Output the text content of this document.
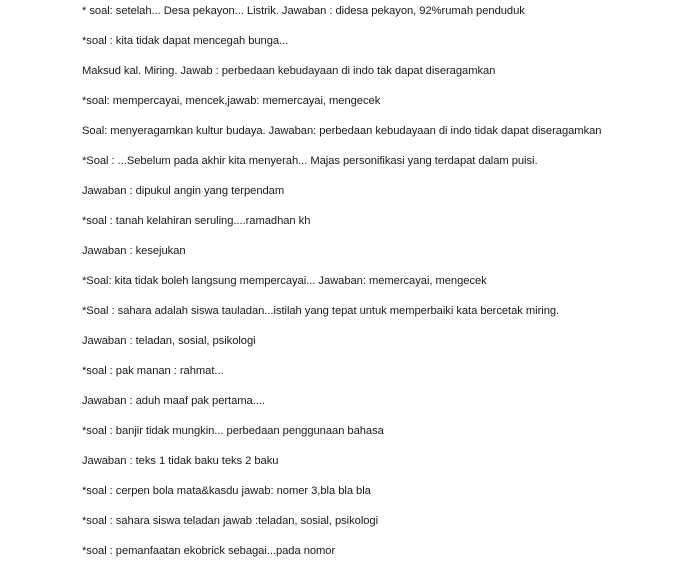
* soal: setelah... Desa pekayon... Listrik. Jawaban : didesa pekayon, 92%rumah penduduk

*soal : kita tidak dapat mencegah bunga...

Maksud kal. Miring. Jawab : perbedaan kebudayaan di indo tak dapat diseragamkan

*soal: mempercayai, mencek,jawab: memercayai, mengecek

Soal: menyeragamkan kultur budaya. Jawaban: perbedaan kebudayaan di indo tidak dapat diseragamkan

*Soal : ...Sebelum pada akhir kita menyerah... Majas personifikasi yang terdapat dalam puisi.

Jawaban : dipukul angin yang terpendam

*soal : tanah kelahiran seruling....ramadhan kh

Jawaban : kesejukan

*Soal: kita tidak boleh langsung mempercayai... Jawaban: memercayai, mengecek

*Soal : sahara adalah siswa tauladan...istilah yang tepat untuk memperbaiki kata bercetak miring.

Jawaban : teladan, sosial, psikologi

*soal : pak manan : rahmat...

Jawaban : aduh maaf pak pertama....

*soal : banjir tidak mungkin... perbedaan penggunaan bahasa

Jawaban : teks 1 tidak baku teks 2 baku

*soal : cerpen bola mata&kasdu jawab: nomer 3,bla bla bla

*soal : sahara siswa teladan jawab :teladan, sosial, psikologi

*soal : pemanfaatan ekobrick sebagai...pada nomor
